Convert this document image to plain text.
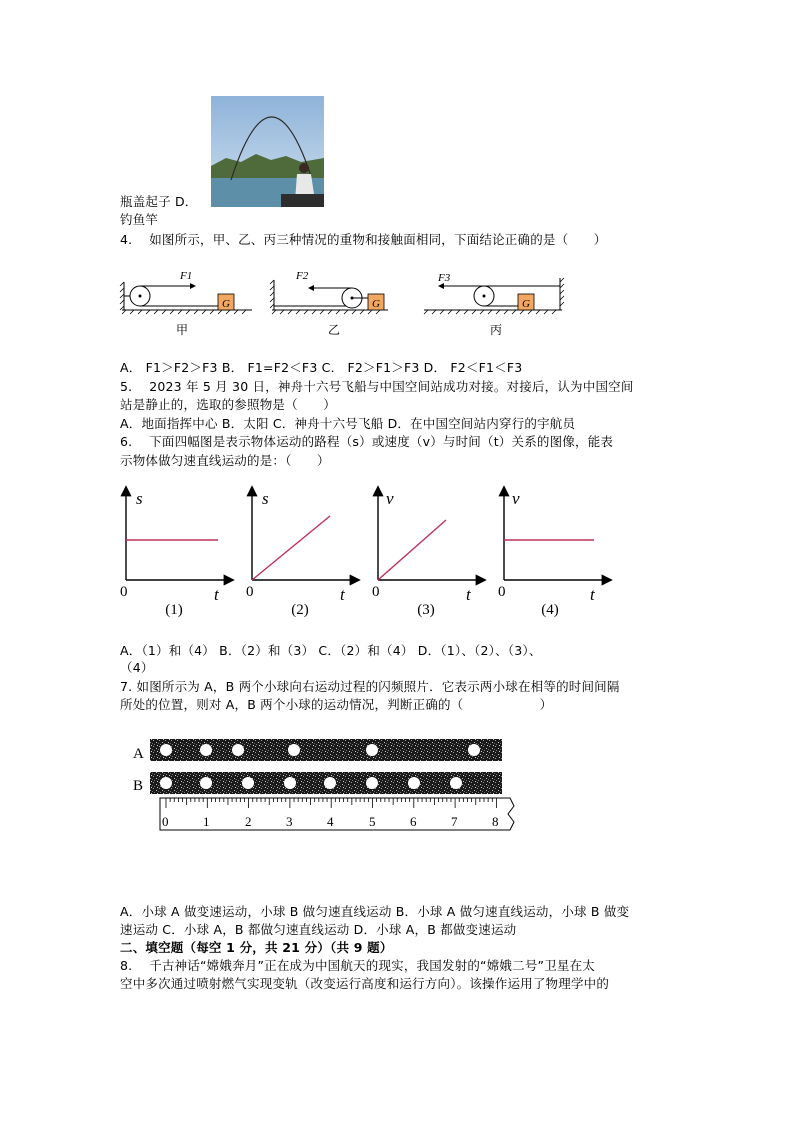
瓶盖起子 D．
钓鱼竿
4.　 如图所示，甲、乙、丙三种情况的重物和接触面相同，下面结论正确的是（　　）
G	G	G
F1	F2	F3
甲	乙	丙
A． F1＞F2＞F3 B． F1=F2＜F3 C． F2＞F1＞F3 D． F2＜F1＜F3
5.　 2023 年 5 月 30 日，神舟十六号飞船与中国空间站成功对接。对接后，认为中国空间
站是静止的，选取的参照物是（　　）
A．地面指挥中心 B．太阳 C．神舟十六号飞船 D．在中国空间站内穿行的宇航员
6.　 下面四幅图是表示物体运动的路程（s）或速度（v）与时间（t）关系的图像，能表
示物体做匀速直线运动的是：（　　）
s
t
0
(1)
s
t
0
(2)
v
t
0
(3)
v
t
0
(4)
A．（1）和（4） B．（2）和（3） C．（2）和（4） D．（1）、（2）、（3）、
（4）
7. 如图所示为 A，B 两个小球向右运动过程的闪频照片．它表示两小球在相等的时间间隔
所处的位置，则对 A，B 两个小球的运动情况，判断正确的（　　　　　　）
A
B
0	1	2	3	4	5	6	7	8
A．小球 A 做变速运动，小球 B 做匀速直线运动 B．小球 A 做匀速直线运动，小球 B 做变
速运动 C．小球 A，B 都做匀速直线运动 D．小球 A，B 都做变速运动
二、填空题（每空 1 分，共 21 分）（共 9 题）
8.　 千古神话“嫦娥奔月”正在成为中国航天的现实，我国发射的“嫦娥二号”卫星在太
空中多次通过喷射燃气实现变轨（改变运行高度和运行方向）。该操作运用了物理学中的
